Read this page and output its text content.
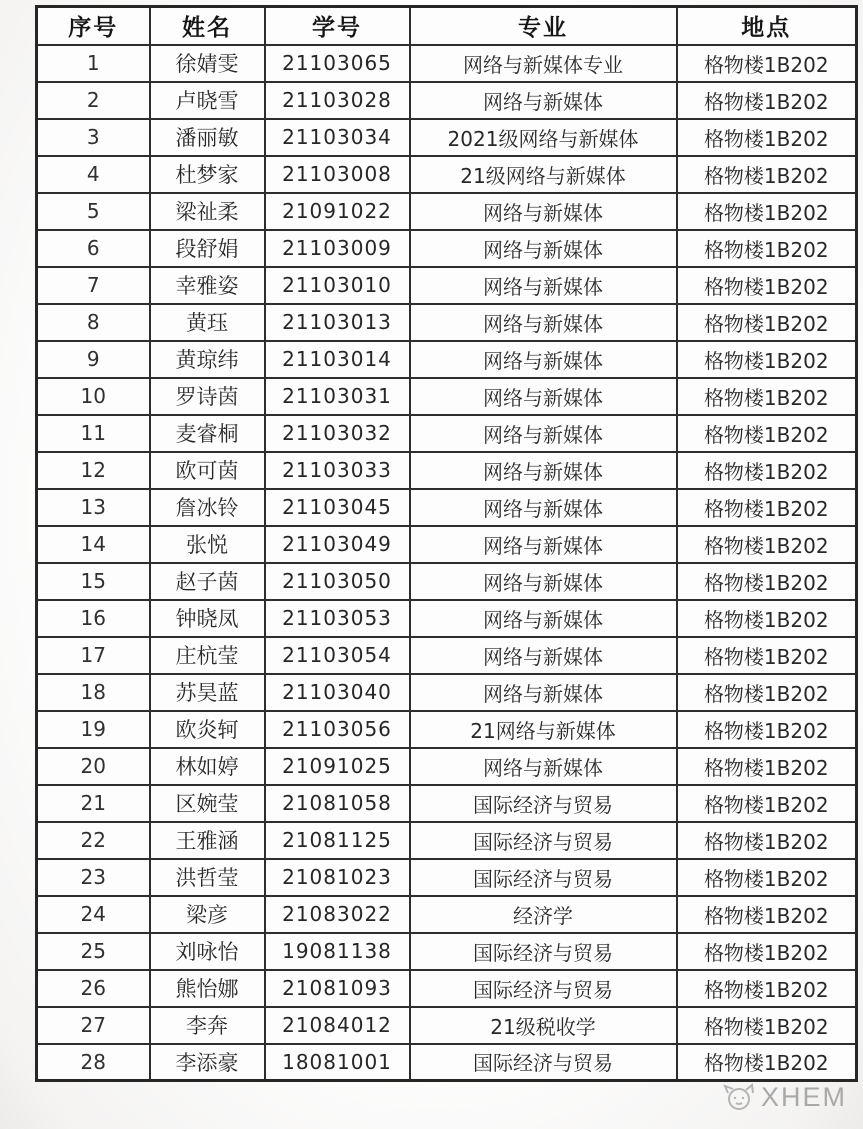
序号	姓名	学号	专业	地点
1	徐婧雯	21103065	网络与新媒体专业	格物楼1B202
2	卢晓雪	21103028	网络与新媒体	格物楼1B202
3	潘丽敏	21103034	2021级网络与新媒体	格物楼1B202
4	杜梦家	21103008	21级网络与新媒体	格物楼1B202
5	梁祉柔	21091022	网络与新媒体	格物楼1B202
6	段舒娟	21103009	网络与新媒体	格物楼1B202
7	幸雅姿	21103010	网络与新媒体	格物楼1B202
8	黄珏	21103013	网络与新媒体	格物楼1B202
9	黄琼纬	21103014	网络与新媒体	格物楼1B202
10	罗诗茵	21103031	网络与新媒体	格物楼1B202
11	麦睿桐	21103032	网络与新媒体	格物楼1B202
12	欧可茵	21103033	网络与新媒体	格物楼1B202
13	詹冰铃	21103045	网络与新媒体	格物楼1B202
14	张悦	21103049	网络与新媒体	格物楼1B202
15	赵子茵	21103050	网络与新媒体	格物楼1B202
16	钟晓凤	21103053	网络与新媒体	格物楼1B202
17	庄杭莹	21103054	网络与新媒体	格物楼1B202
18	苏昊蓝	21103040	网络与新媒体	格物楼1B202
19	欧炎轲	21103056	21网络与新媒体	格物楼1B202
20	林如婷	21091025	网络与新媒体	格物楼1B202
21	区婉莹	21081058	国际经济与贸易	格物楼1B202
22	王雅涵	21081125	国际经济与贸易	格物楼1B202
23	洪哲莹	21081023	国际经济与贸易	格物楼1B202
24	梁彦	21083022	经济学	格物楼1B202
25	刘咏怡	19081138	国际经济与贸易	格物楼1B202
26	熊怡娜	21081093	国际经济与贸易	格物楼1B202
27	李奔	21084012	21级税收学	格物楼1B202
28	李添豪	18081001	国际经济与贸易	格物楼1B202
XHEM
